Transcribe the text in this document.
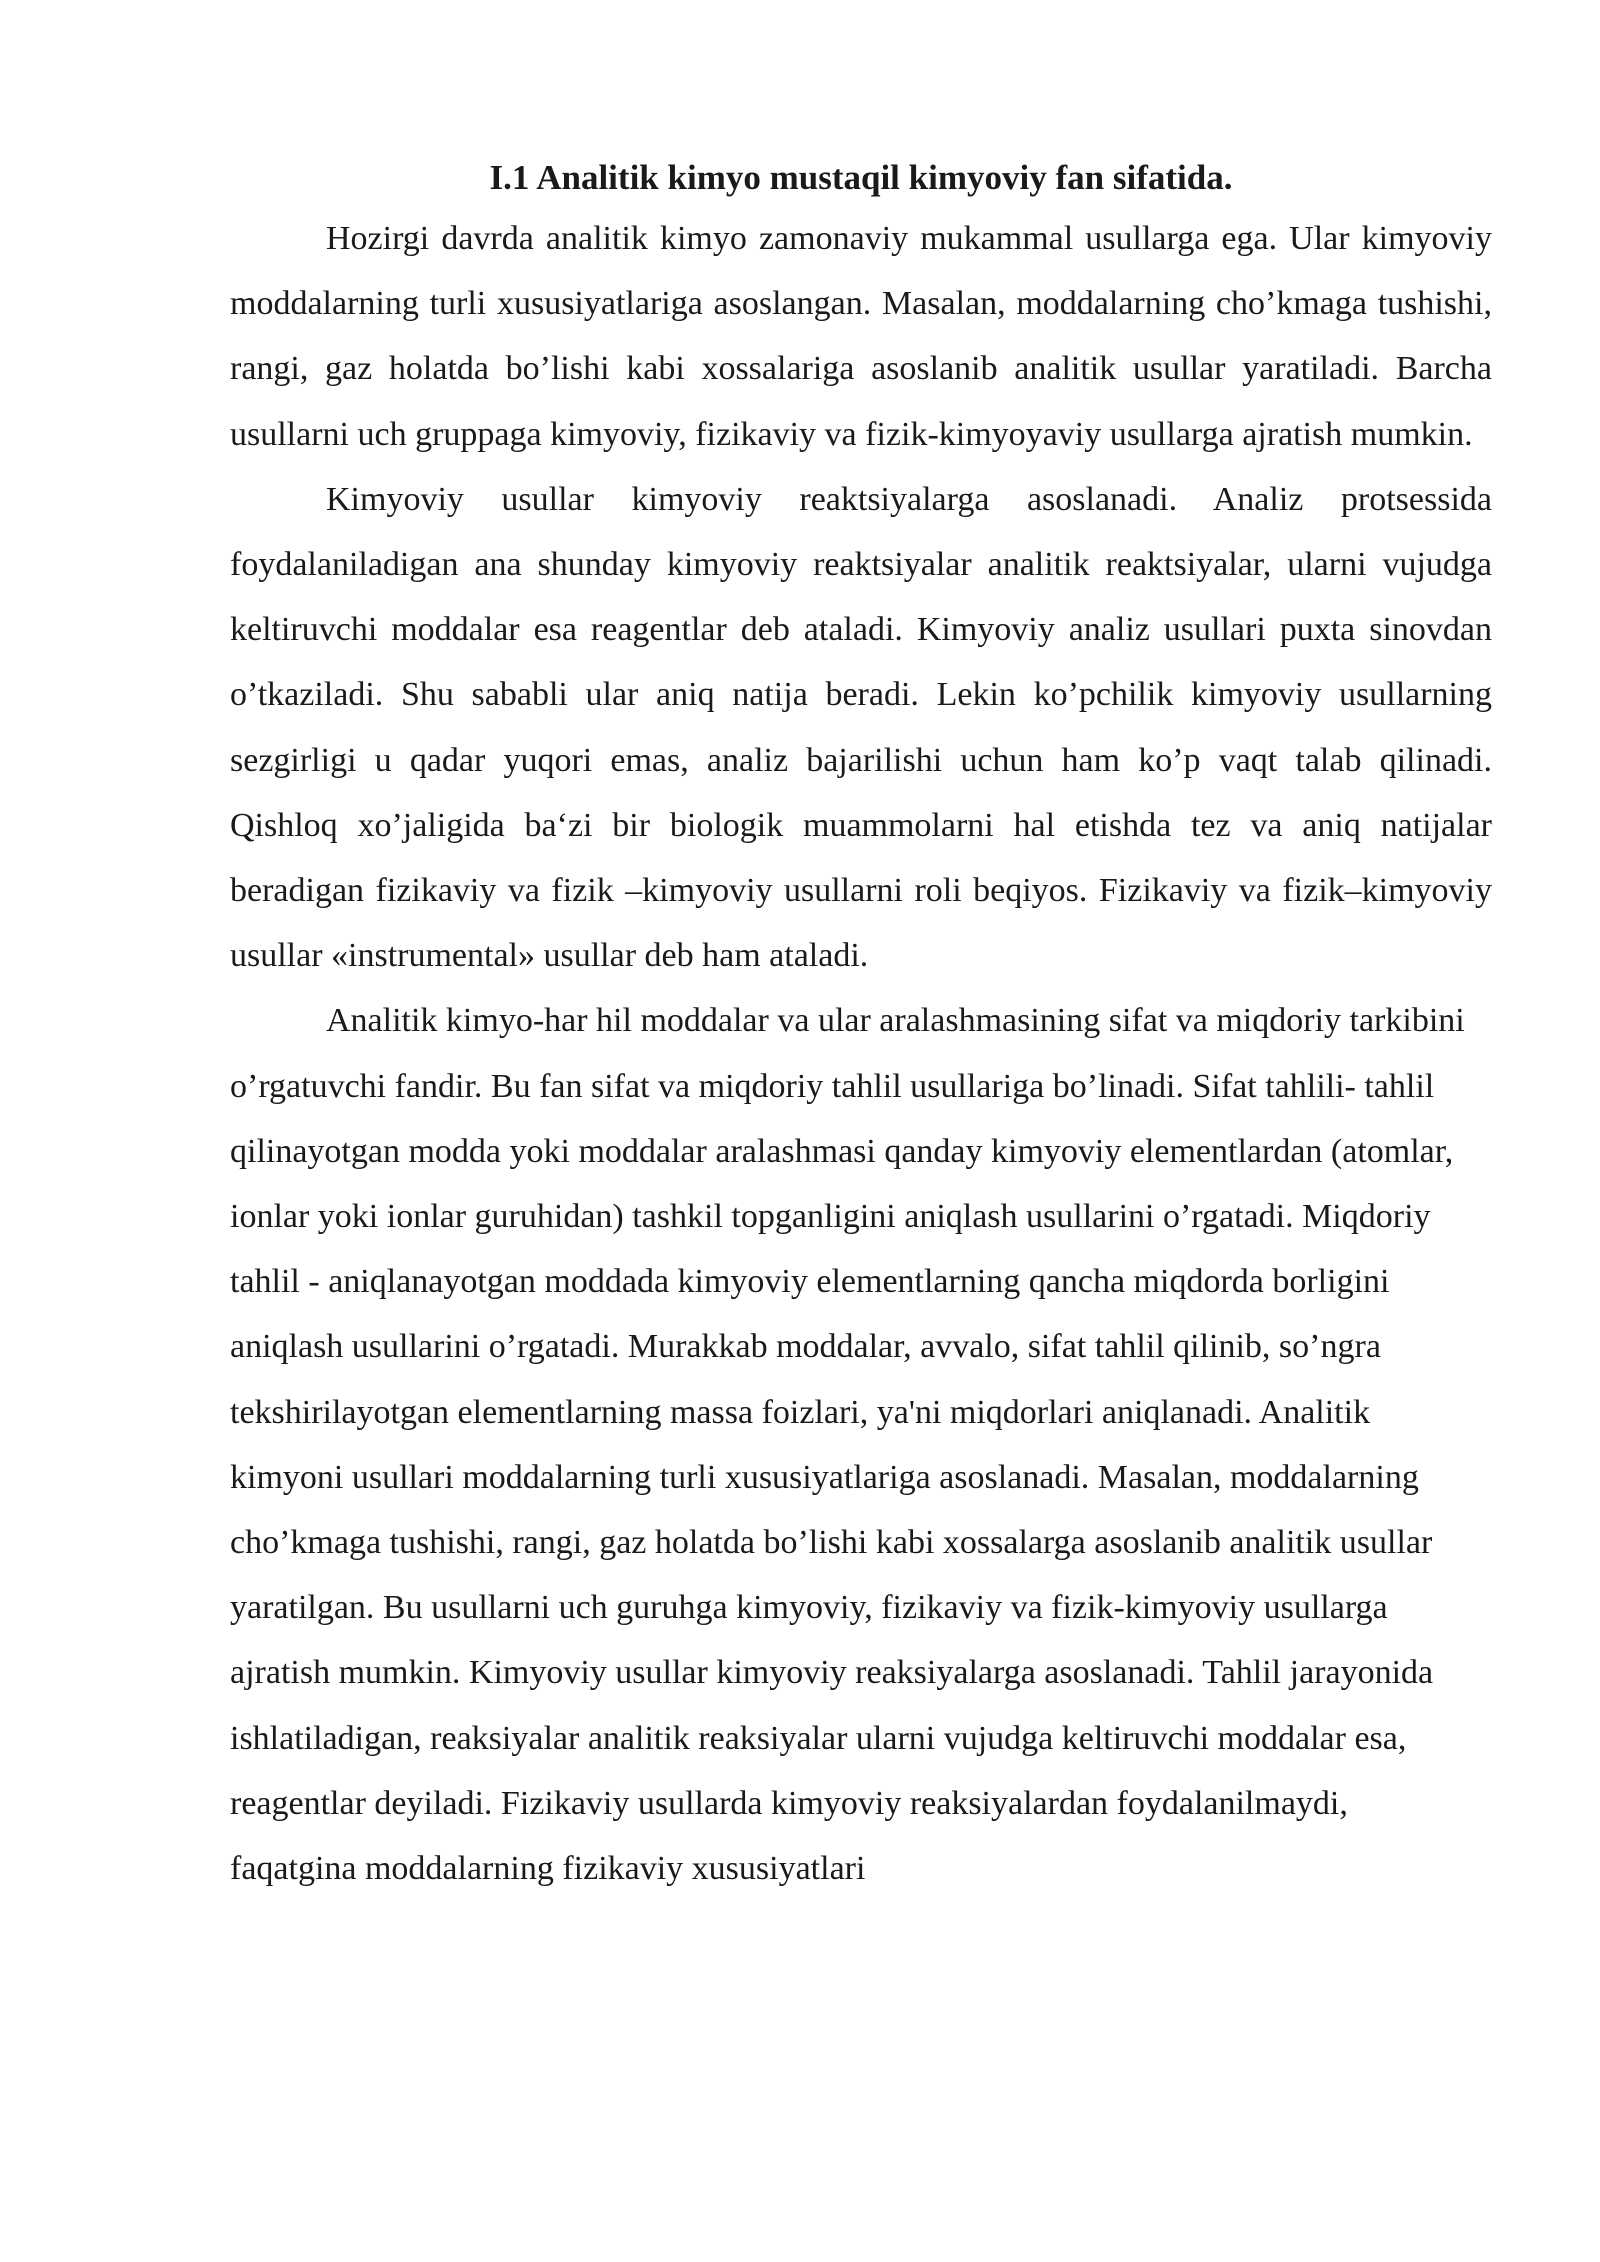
I.1 Analitik kimyo mustaqil kimyoviy fan sifatida.

Hozirgi davrda analitik kimyo zamonaviy mukammal usullarga ega. Ular kimyoviy moddalarning turli xususiyatlariga asoslangan. Masalan, moddalarning cho’kmaga tushishi, rangi, gaz holatda bo’lishi kabi xossalariga asoslanib analitik usullar yaratiladi. Barcha usullarni uch gruppaga kimyoviy, fizikaviy va fizik-kimyoyaviy usullarga ajratish mumkin.

Kimyoviy usullar kimyoviy reaktsiyalarga asoslanadi. Analiz protsessida foydalaniladigan ana shunday kimyoviy reaktsiyalar analitik reaktsiyalar, ularni vujudga keltiruvchi moddalar esa reagentlar deb ataladi. Kimyoviy analiz usullari puxta sinovdan o’tkaziladi. Shu sababli ular aniq natija beradi. Lekin ko’pchilik kimyoviy usullarning sezgirligi u qadar yuqori emas, analiz bajarilishi uchun ham ko’p vaqt talab qilinadi. Qishloq xo’jaligida ba‘zi bir biologik muammolarni hal etishda tez va aniq natijalar beradigan fizikaviy va fizik –kimyoviy usullarni roli beqiyos. Fizikaviy va fizik–kimyoviy usullar «instrumental» usullar deb ham ataladi.

Analitik kimyo-har hil moddalar va ular aralashmasining sifat va miqdoriy tarkibini o’rgatuvchi fandir. Bu fan sifat va miqdoriy tahlil usullariga bo’linadi. Sifat tahlili- tahlil qilinayotgan modda yoki moddalar aralashmasi qanday kimyoviy elementlardan (atomlar, ionlar yoki ionlar guruhidan) tashkil topganligini aniqlash usullarini o’rgatadi. Miqdoriy tahlil - aniqlanayotgan moddada kimyoviy elementlarning qancha miqdorda borligini aniqlash usullarini o’rgatadi. Murakkab moddalar, avvalo, sifat tahlil qilinib, so’ngra tekshirilayotgan elementlarning massa foizlari, ya'ni miqdorlari aniqlanadi. Analitik kimyoni usullari moddalarning turli xususiyatlariga asoslanadi. Masalan, moddalarning cho’kmaga tushishi, rangi, gaz holatda bo’lishi kabi xossalarga asoslanib analitik usullar yaratilgan. Bu usullarni uch guruhga kimyoviy, fizikaviy va fizik-kimyoviy usullarga ajratish mumkin. Kimyoviy usullar kimyoviy reaksiyalarga asoslanadi. Tahlil jarayonida ishlatiladigan, reaksiyalar analitik reaksiyalar ularni vujudga keltiruvchi moddalar esa, reagentlar deyiladi. Fizikaviy usullarda kimyoviy reaksiyalardan foydalanilmaydi, faqatgina moddalarning fizikaviy xususiyatlari
